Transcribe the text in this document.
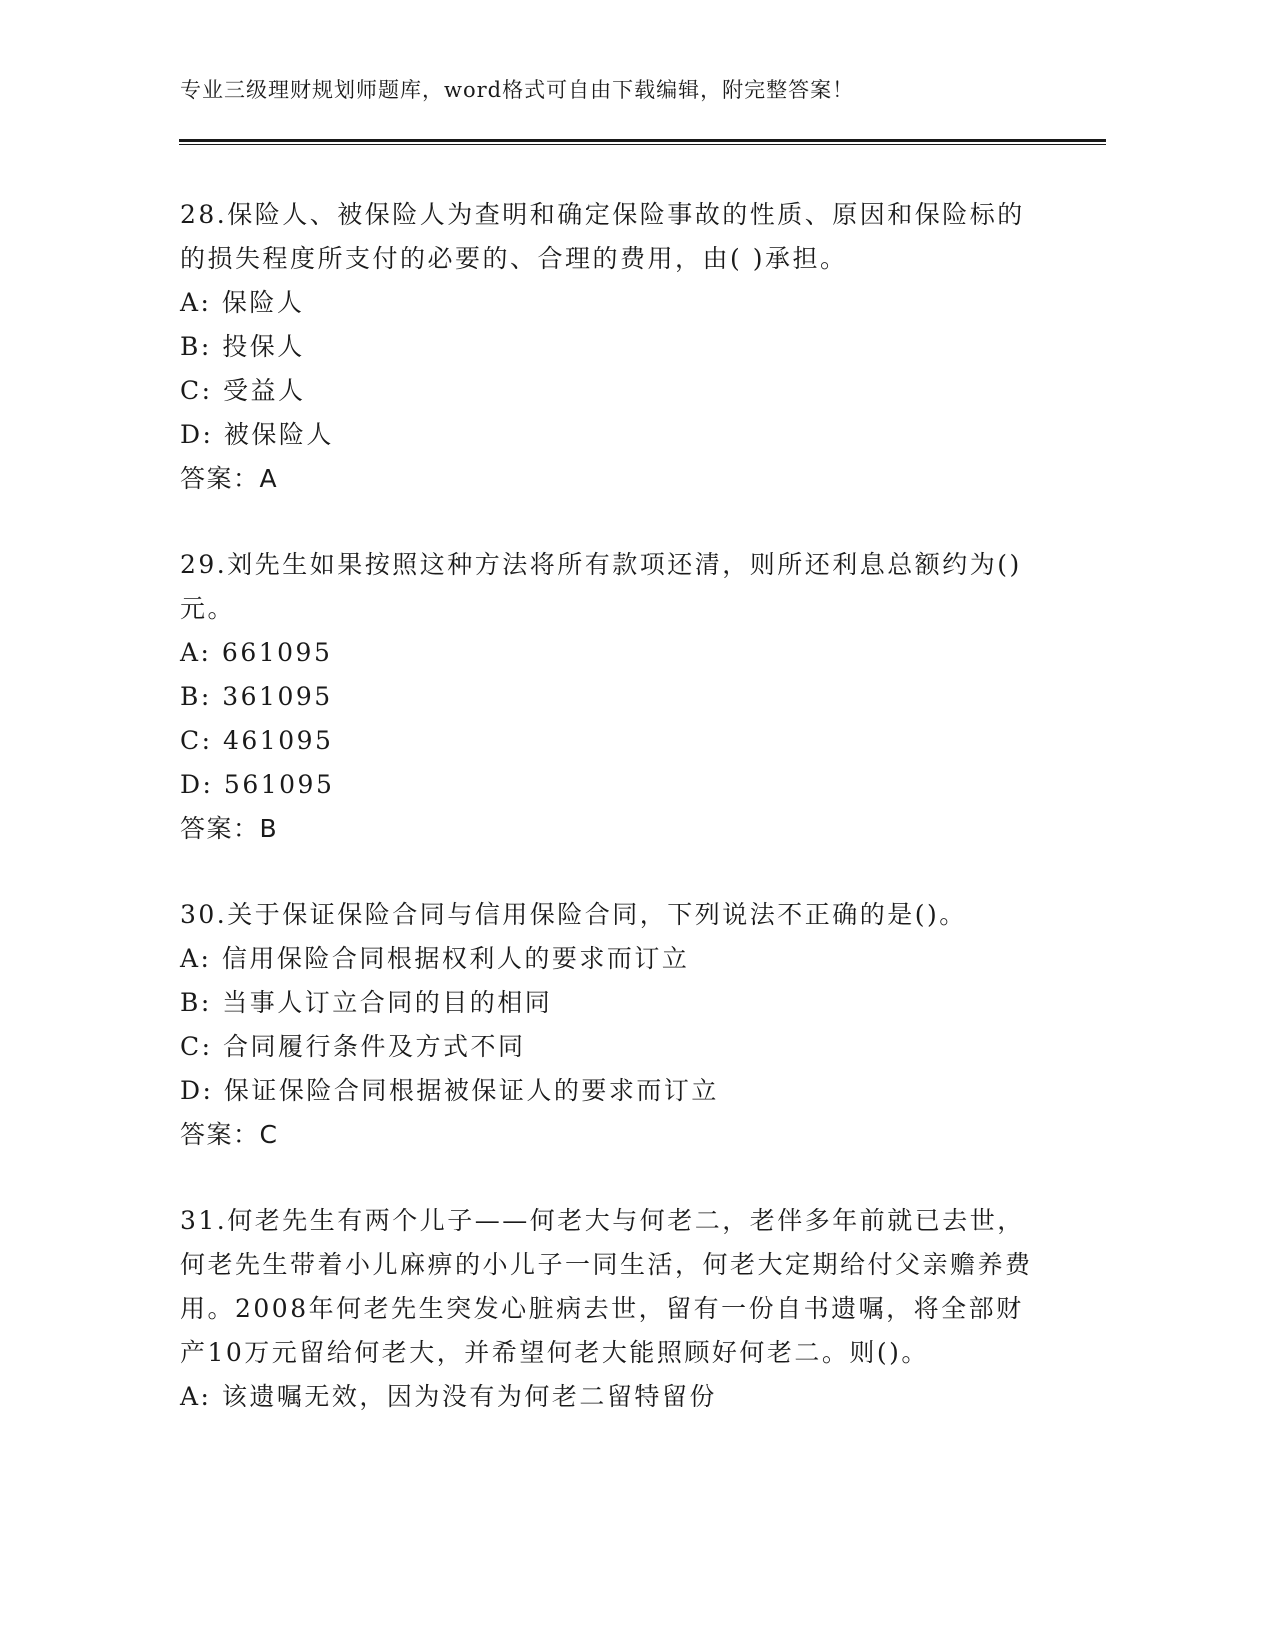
专业三级理财规划师题库，word格式可自由下载编辑，附完整答案！

28.保险人、被保险人为查明和确定保险事故的性质、原因和保险标的的损失程度所支付的必要的、合理的费用，由( )承担。

A: 保险人

B: 投保人

C: 受益人

D: 被保险人

答案：A

29.刘先生如果按照这种方法将所有款项还清，则所还利息总额约为()元。

A: 661095

B: 361095

C: 461095

D: 561095

答案：B

30.关于保证保险合同与信用保险合同，下列说法不正确的是()。

A: 信用保险合同根据权利人的要求而订立

B: 当事人订立合同的目的相同

C: 合同履行条件及方式不同

D: 保证保险合同根据被保证人的要求而订立

答案：C

31.何老先生有两个儿子——何老大与何老二，老伴多年前就已去世，何老先生带着小儿麻痹的小儿子一同生活，何老大定期给付父亲赡养费用。2008年何老先生突发心脏病去世，留有一份自书遗嘱，将全部财产10万元留给何老大，并希望何老大能照顾好何老二。则()。

A: 该遗嘱无效，因为没有为何老二留特留份
